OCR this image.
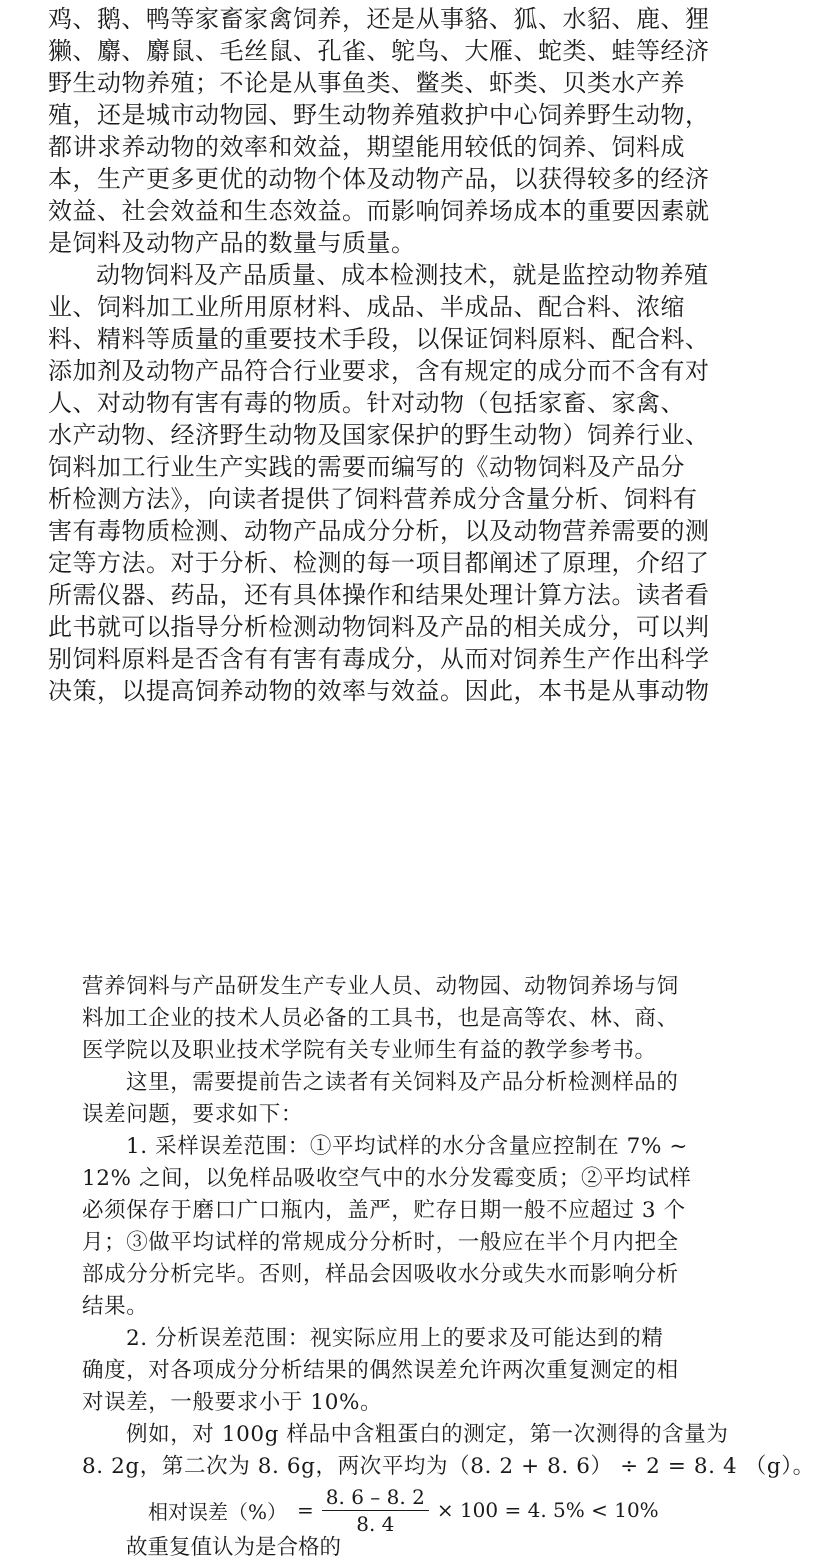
鸡、鹅、鸭等家畜家禽饲养，还是从事貉、狐、水貂、鹿、狸
獭、麝、麝鼠、毛丝鼠、孔雀、鸵鸟、大雁、蛇类、蛙等经济
野生动物养殖；不论是从事鱼类、鳖类、虾类、贝类水产养
殖，还是城市动物园、野生动物养殖救护中心饲养野生动物，
都讲求养动物的效率和效益，期望能用较低的饲养、饲料成
本，生产更多更优的动物个体及动物产品，以获得较多的经济
效益、社会效益和生态效益。而影响饲养场成本的重要因素就
是饲料及动物产品的数量与质量。
动物饲料及产品质量、成本检测技术，就是监控动物养殖
业、饲料加工业所用原材料、成品、半成品、配合料、浓缩
料、精料等质量的重要技术手段，以保证饲料原料、配合料、
添加剂及动物产品符合行业要求，含有规定的成分而不含有对
人、对动物有害有毒的物质。针对动物（包括家畜、家禽、
水产动物、经济野生动物及国家保护的野生动物）饲养行业、
饲料加工行业生产实践的需要而编写的《动物饲料及产品分
析检测方法》，向读者提供了饲料营养成分含量分析、饲料有
害有毒物质检测、动物产品成分分析，以及动物营养需要的测
定等方法。对于分析、检测的每一项目都阐述了原理，介绍了
所需仪器、药品，还有具体操作和结果处理计算方法。读者看
此书就可以指导分析检测动物饲料及产品的相关成分，可以判
别饲料原料是否含有有害有毒成分，从而对饲养生产作出科学
决策，以提高饲养动物的效率与效益。因此，本书是从事动物
营养饲料与产品研发生产专业人员、动物园、动物饲养场与饲
料加工企业的技术人员必备的工具书，也是高等农、林、商、
医学院以及职业技术学院有关专业师生有益的教学参考书。
这里，需要提前告之读者有关饲料及产品分析检测样品的
误差问题，要求如下：
1. 采样误差范围：①平均试样的水分含量应控制在 7% ~
12% 之间，以免样品吸收空气中的水分发霉变质；②平均试样
必须保存于磨口广口瓶内，盖严，贮存日期一般不应超过 3 个
月；③做平均试样的常规成分分析时，一般应在半个月内把全
部成分分析完毕。否则，样品会因吸收水分或失水而影响分析
结果。
2. 分析误差范围：视实际应用上的要求及可能达到的精
确度，对各项成分分析结果的偶然误差允许两次重复测定的相
对误差，一般要求小于 10%。
例如，对 100g 样品中含粗蛋白的测定，第一次测得的含量为
8. 2g，第二次为 8. 6g，两次平均为（8. 2 + 8. 6） ÷ 2 = 8. 4 （g）。
相对误差（%） = $\frac{8. 6 - 8. 2}{8. 4} \times 100 = 4$. 5% < 10%
故重复值认为是合格的
